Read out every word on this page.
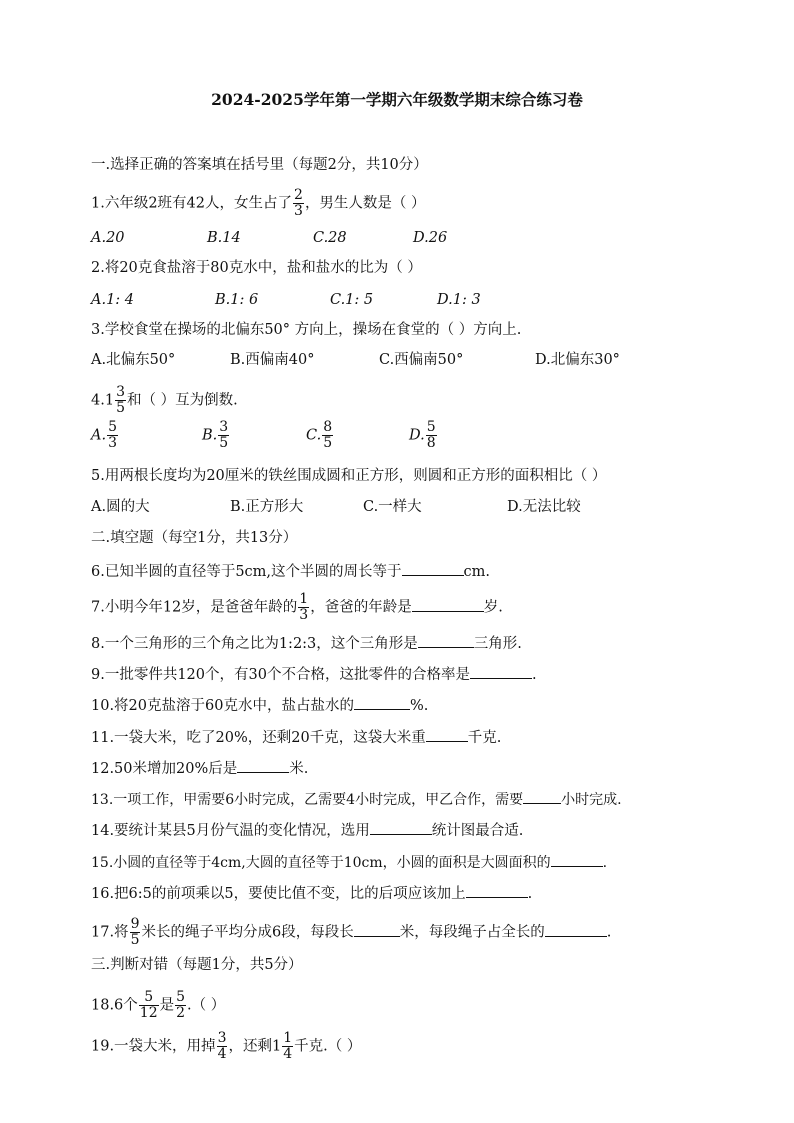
2024-2025学年第一学期六年级数学期末综合练习卷
一.选择正确的答案填在括号里（每题2分，共10分）
1.六年级2班有42人，女生占了 $\frac{2}{3}$ ，男生人数是（ ）
A.20	B.14	C.28	D.26
2.将20克食盐溶于80克水中，盐和盐水的比为（ ）
A.1: 4	B.1: 6	C.1: 5	D.1: 3
3.学校食堂在操场的北偏东50° 方向上，操场在食堂的（ ）方向上.
A.北偏东50°	B.西偏南40°	C.西偏南50°	D.北偏东30°
$4.1 \frac{3}{5}$ 和（ ）互为倒数.
A. $\frac{5}{3}$	B. $\frac{3}{5}$	C. $\frac{8}{5}$	D. $\frac{5}{8}$
5.用两根长度均为20厘米的铁丝围成圆和正方形，则圆和正方形的面积相比（ ）
A.圆的大	B.正方形大	C.一样大	D.无法比较
二.填空题（每空1分，共13分）
6.已知半圆的直径等于5cm,这个半圆的周长等于	cm.
7.小明今年12岁，是爸爸年龄的 $\frac{1}{3}$ ，爸爸的年龄是	岁.
8.一个三角形的三个角之比为1:2:3，这个三角形是	三角形.
9.一批零件共120个，有30个不合格，这批零件的合格率是	.
10.将20克盐溶于60克水中，盐占盐水的	%.
11.一袋大米，吃了20%，还剩20千克，这袋大米重	千克.
12.50米增加20%后是	米.
13.一项工作，甲需要6小时完成，乙需要4小时完成，甲乙合作，需要	小时完成.
14.要统计某县5月份气温的变化情况，选用	统计图最合适.
15.小圆的直径等于4cm,大圆的直径等于10cm，小圆的面积是大圆面积的	.
16.把6:5的前项乘以5，要使比值不变，比的后项应该加上	.
17.将 $\frac{9}{5}$ 米长的绳子平均分成6段，每段长	米，每段绳子占全长的	.
三.判断对错（每题1分，共5分）
18.6个 $\frac{5}{12}$ 是 $\frac{5}{2}$ .（ ）
19.一袋大米，用掉 $\frac{3}{4}$ ，还剩$1 \frac{1}{4}$ 千克.（ ）
